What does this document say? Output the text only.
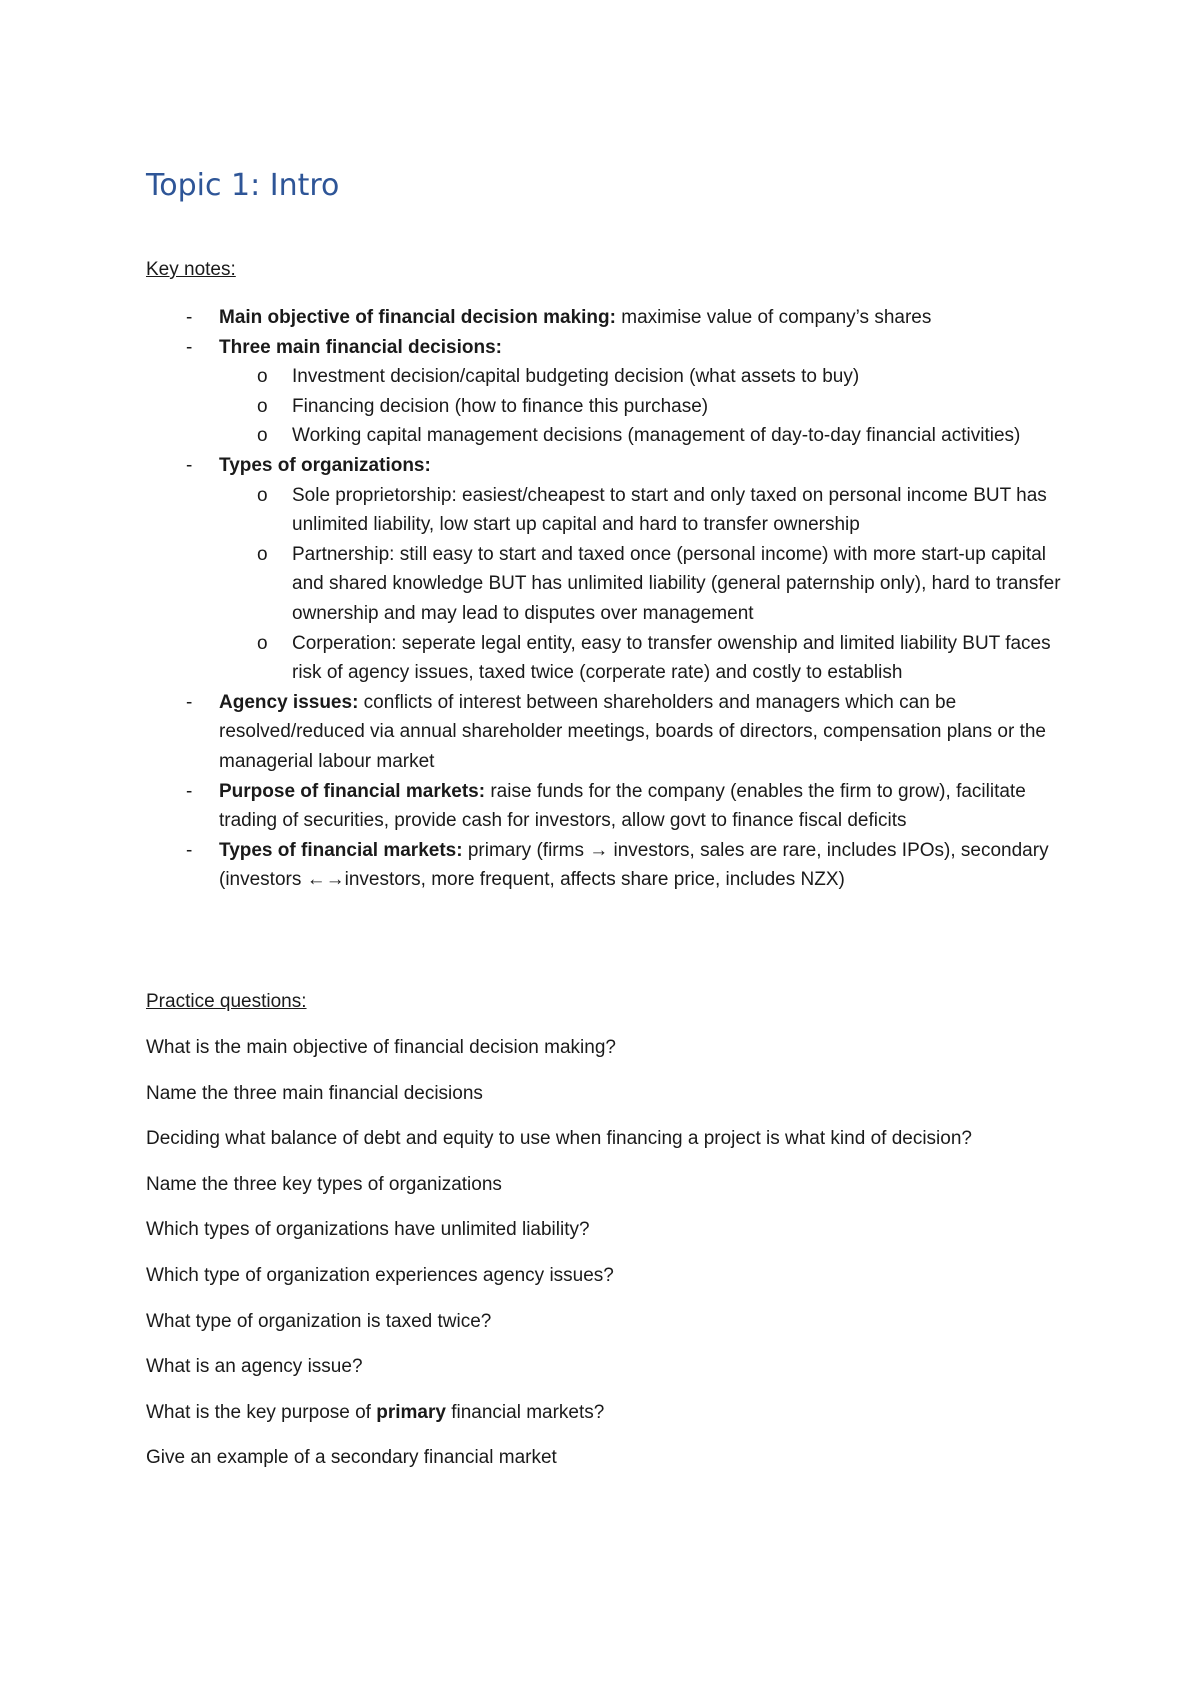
Topic 1: Intro
Key notes:
- Main objective of financial decision making: maximise value of company’s shares
- Three main financial decisions:
o Investment decision/capital budgeting decision (what assets to buy)
o Financing decision (how to finance this purchase)
o Working capital management decisions (management of day-to-day financial activities)
- Types of organizations:
o Sole proprietorship: easiest/cheapest to start and only taxed on personal income BUT has unlimited liability, low start up capital and hard to transfer ownership
o Partnership: still easy to start and taxed once (personal income) with more start-up capital and shared knowledge BUT has unlimited liability (general paternship only), hard to transfer ownership and may lead to disputes over management
o Corperation: seperate legal entity, easy to transfer owenship and limited liability BUT faces risk of agency issues, taxed twice (corperate rate) and costly to establish
- Agency issues: conflicts of interest between shareholders and managers which can be resolved/reduced via annual shareholder meetings, boards of directors, compensation plans or the managerial labour market
- Purpose of financial markets: raise funds for the company (enables the firm to grow), facilitate trading of securities, provide cash for investors, allow govt to finance fiscal deficits
- Types of financial markets: primary (firms → investors, sales are rare, includes IPOs), secondary (investors ←→investors, more frequent, affects share price, includes NZX)
Practice questions:
What is the main objective of financial decision making?
Name the three main financial decisions
Deciding what balance of debt and equity to use when financing a project is what kind of decision?
Name the three key types of organizations
Which types of organizations have unlimited liability?
Which type of organization experiences agency issues?
What type of organization is taxed twice?
What is an agency issue?
What is the key purpose of primary financial markets?
Give an example of a secondary financial market
